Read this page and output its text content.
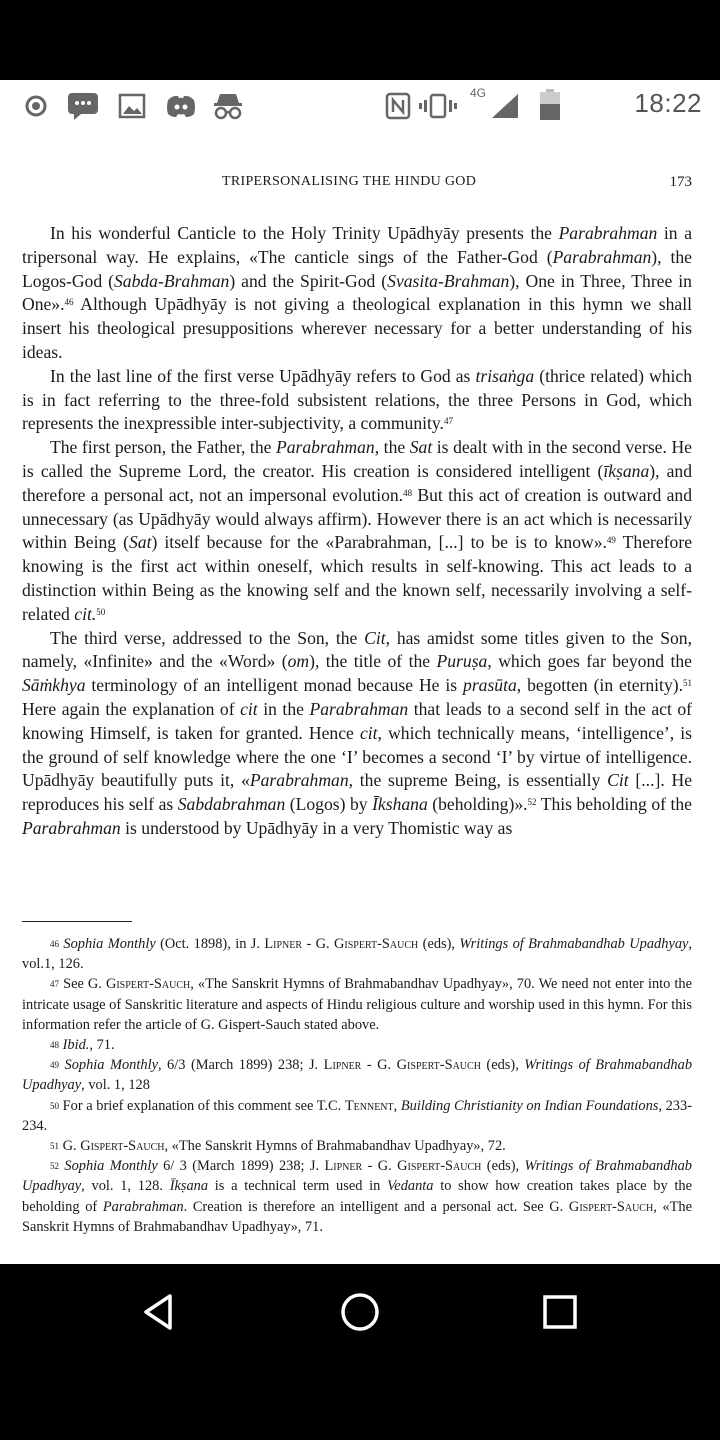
4G	18:22
TRIPERSONALISING THE HINDU GOD	173

In his wonderful Canticle to the Holy Trinity Upādhyāy presents the Parabrahman in a tripersonal way. He explains, «The canticle sings of the Father-God (Parabrahman), the Logos-God (Sabda-Brahman) and the Spirit-God (Svasita-Brahman), One in Three, Three in One».$^{46}$ Although Upādhyāy is not giving a theological explanation in this hymn we shall insert his theological presuppositions wherever necessary for a better understanding of his ideas.

In the last line of the first verse Upādhyāy refers to God as trisaṅga (thrice related) which is in fact referring to the three-fold subsistent relations, the three Persons in God, which represents the inexpressible inter-subjectivity, a community.$^{47}$

The first person, the Father, the Parabrahman, the Sat is dealt with in the second verse. He is called the Supreme Lord, the creator. His creation is considered intelligent (īkṣana), and therefore a personal act, not an impersonal evolution.$^{48}$ But this act of creation is outward and unnecessary (as Upādhyāy would always affirm). However there is an act which is necessarily within Being (Sat) itself because for the «Parabrahman, [...] to be is to know».$^{49}$ Therefore knowing is the first act within oneself, which results in self-knowing. This act leads to a distinction within Being as the knowing self and the known self, necessarily involving a self-related cit.$^{50}$

The third verse, addressed to the Son, the Cit, has amidst some titles given to the Son, namely, «Infinite» and the «Word» (om), the title of the Puruṣa, which goes far beyond the Sāṁkhya terminology of an intelligent monad because He is prasūta, begotten (in eternity).$^{51}$ Here again the explanation of cit in the Parabrahman that leads to a second self in the act of knowing Himself, is taken for granted. Hence cit, which technically means, ‘intelligence’, is the ground of self knowledge where the one ‘I’ becomes a second ‘I’ by virtue of intelligence. Upādhyāy beautifully puts it, «Parabrahman, the supreme Being, is essentially Cit [...]. He reproduces his self as Sabdabrahman (Logos) by Īkshana (beholding)».$^{52}$ This beholding of the Parabrahman is understood by Upādhyāy in a very Thomistic way as

$^{46}$ Sophia Monthly (Oct. 1898), in J. Lipner - G. Gispert-Sauch (eds), Writings of Brahmabandhab Upadhyay, vol.1, 126.

$^{47}$ See G. Gispert-Sauch, «The Sanskrit Hymns of Brahmabandhav Upadhyay», 70. We need not enter into the intricate usage of Sanskritic literature and aspects of Hindu religious culture and worship used in this hymn. For this information refer the article of G. Gispert-Sauch stated above.

$^{48}$ Ibid., 71.

$^{49}$ Sophia Monthly, 6/3 (March 1899) 238; J. Lipner - G. Gispert-Sauch (eds), Writings of Brahmabandhab Upadhyay, vol. 1, 128

$^{50}$ For a brief explanation of this comment see T.C. Tennent, Building Christianity on Indian Foundations, 233-234.

$^{51}$ G. Gispert-Sauch, «The Sanskrit Hymns of Brahmabandhav Upadhyay», 72.

$^{52}$ Sophia Monthly 6/ 3 (March 1899) 238; J. Lipner - G. Gispert-Sauch (eds), Writings of Brahmabandhab Upadhyay, vol. 1, 128. Īkṣana is a technical term used in Vedanta to show how creation takes place by the beholding of Parabrahman. Creation is therefore an intelligent and a personal act. See G. Gispert-Sauch, «The Sanskrit Hymns of Brahmabandhav Upadhyay», 71.
